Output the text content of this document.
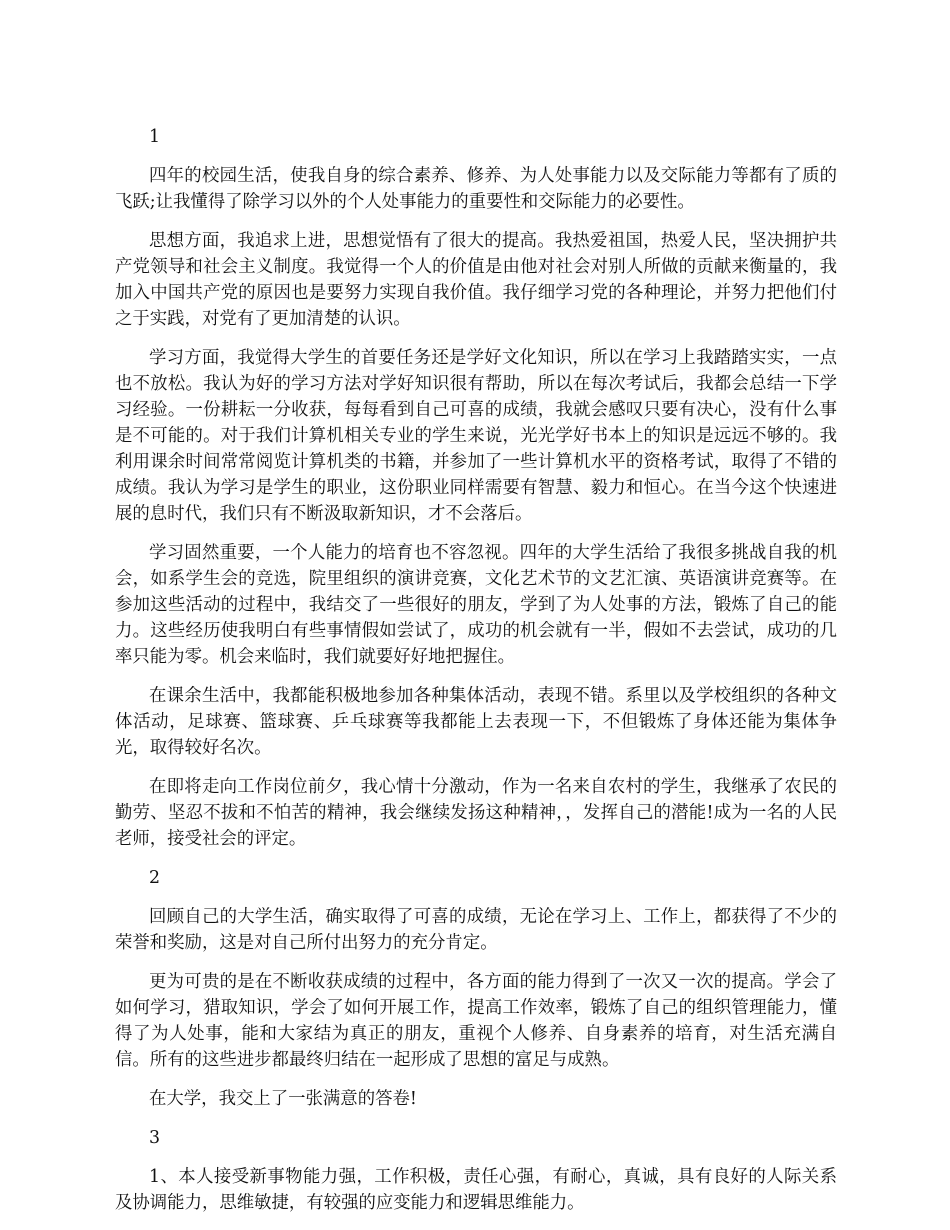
1

四年的校园生活，使我自身的综合素养、修养、为人处事能力以及交际能力等都有了质的飞跃;让我懂得了除学习以外的个人处事能力的重要性和交际能力的必要性。

思想方面，我追求上进，思想觉悟有了很大的提高。我热爱祖国，热爱人民，坚决拥护共产党领导和社会主义制度。我觉得一个人的价值是由他对社会对别人所做的贡献来衡量的，我加入中国共产党的原因也是要努力实现自我价值。我仔细学习党的各种理论，并努力把他们付之于实践，对党有了更加清楚的认识。

学习方面，我觉得大学生的首要任务还是学好文化知识，所以在学习上我踏踏实实，一点也不放松。我认为好的学习方法对学好知识很有帮助，所以在每次考试后，我都会总结一下学习经验。一份耕耘一分收获，每每看到自己可喜的成绩，我就会感叹只要有决心，没有什么事是不可能的。对于我们计算机相关专业的学生来说，光光学好书本上的知识是远远不够的。我利用课余时间常常阅览计算机类的书籍，并参加了一些计算机水平的资格考试，取得了不错的成绩。我认为学习是学生的职业，这份职业同样需要有智慧、毅力和恒心。在当今这个快速进展的息时代，我们只有不断汲取新知识，才不会落后。

学习固然重要，一个人能力的培育也不容忽视。四年的大学生活给了我很多挑战自我的机会，如系学生会的竞选，院里组织的演讲竞赛，文化艺术节的文艺汇演、英语演讲竞赛等。在参加这些活动的过程中，我结交了一些很好的朋友，学到了为人处事的方法，锻炼了自己的能力。这些经历使我明白有些事情假如尝试了，成功的机会就有一半，假如不去尝试，成功的几率只能为零。机会来临时，我们就要好好地把握住。

在课余生活中，我都能积极地参加各种集体活动，表现不错。系里以及学校组织的各种文体活动，足球赛、篮球赛、乒乓球赛等我都能上去表现一下，不但锻炼了身体还能为集体争光，取得较好名次。

在即将走向工作岗位前夕，我心情十分激动，作为一名来自农村的学生，我继承了农民的勤劳、坚忍不拔和不怕苦的精神，我会继续发扬这种精神，，发挥自己的潜能!成为一名的人民老师，接受社会的评定。

2

回顾自己的大学生活，确实取得了可喜的成绩，无论在学习上、工作上，都获得了不少的荣誉和奖励，这是对自己所付出努力的充分肯定。

更为可贵的是在不断收获成绩的过程中，各方面的能力得到了一次又一次的提高。学会了如何学习，猎取知识，学会了如何开展工作，提高工作效率，锻炼了自己的组织管理能力，懂得了为人处事，能和大家结为真正的朋友，重视个人修养、自身素养的培育，对生活充满自信。所有的这些进步都最终归结在一起形成了思想的富足与成熟。

在大学，我交上了一张满意的答卷!

3

1、本人接受新事物能力强，工作积极，责任心强，有耐心，真诚，具有良好的人际关系及协调能力，思维敏捷，有较强的应变能力和逻辑思维能力。
